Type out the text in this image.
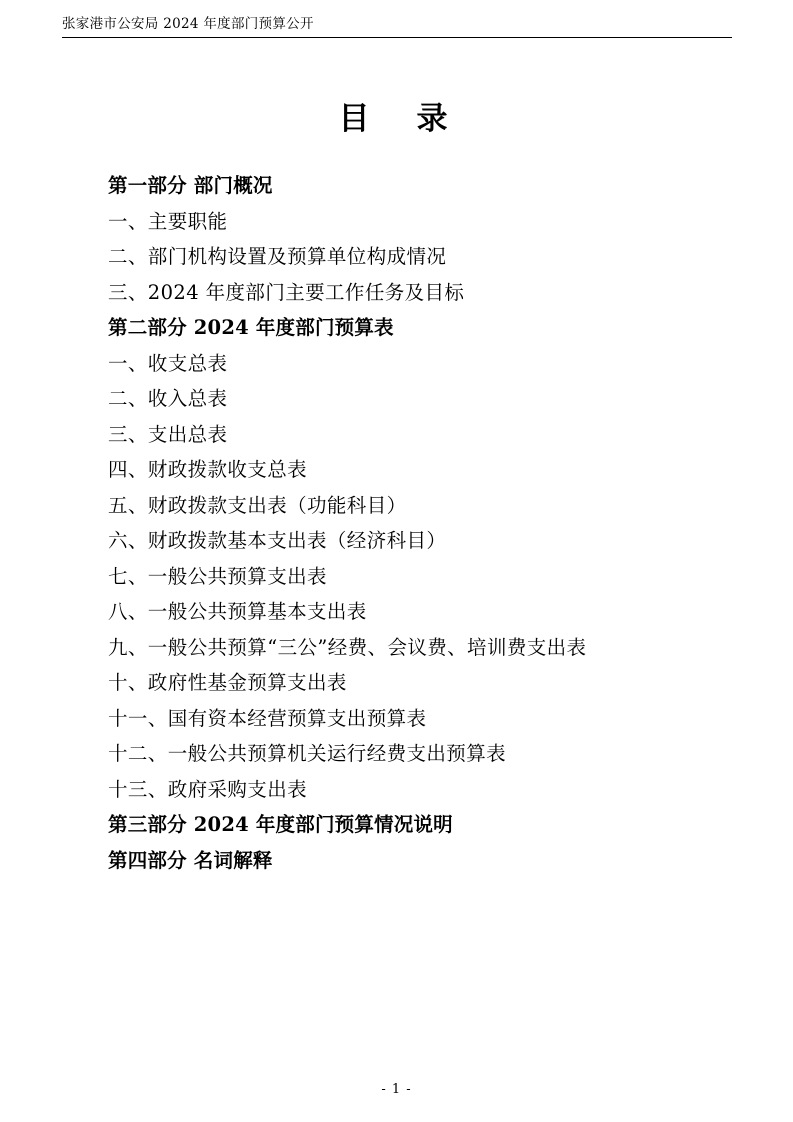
张家港市公安局 2024 年度部门预算公开
目　录
第一部分 部门概况
一、主要职能
二、部门机构设置及预算单位构成情况
三、2024 年度部门主要工作任务及目标
第二部分 2024 年度部门预算表
一、收支总表
二、收入总表
三、支出总表
四、财政拨款收支总表
五、财政拨款支出表（功能科目）
六、财政拨款基本支出表（经济科目）
七、一般公共预算支出表
八、一般公共预算基本支出表
九、一般公共预算“三公”经费、会议费、培训费支出表
十、政府性基金预算支出表
十一、国有资本经营预算支出预算表
十二、一般公共预算机关运行经费支出预算表
十三、政府采购支出表
第三部分 2024 年度部门预算情况说明
第四部分 名词解释
- 1 -
